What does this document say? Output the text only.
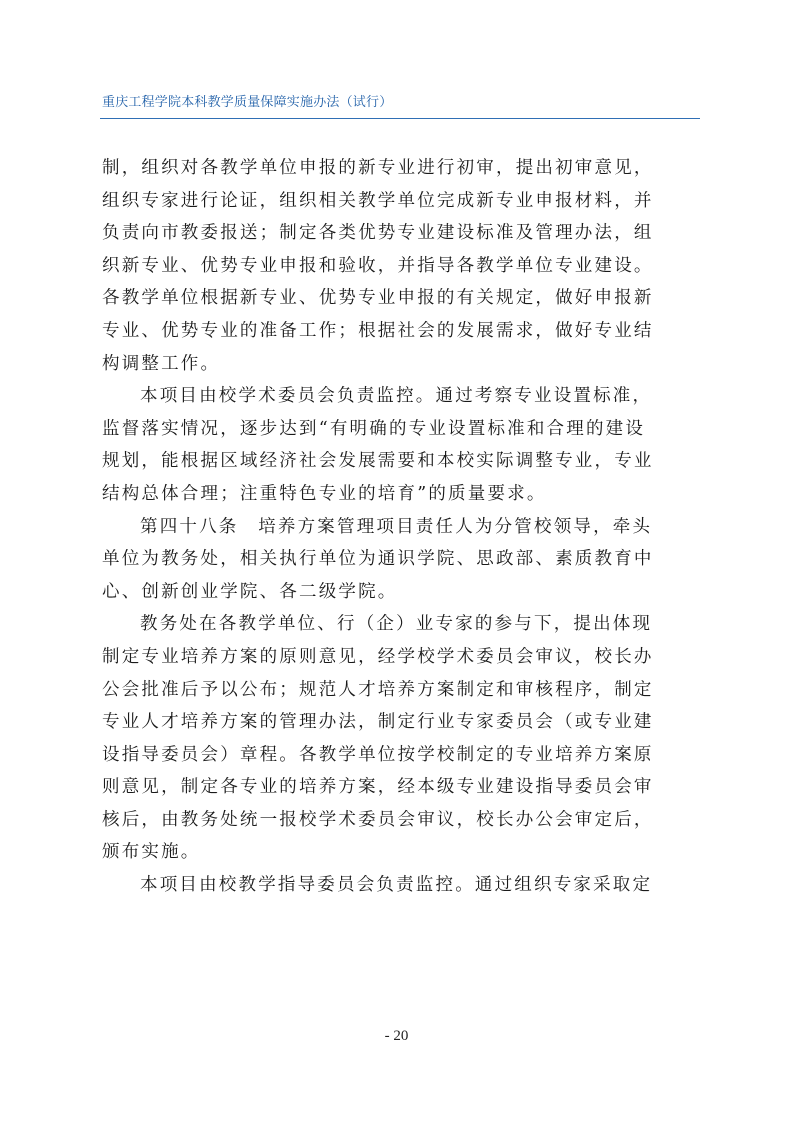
重庆工程学院本科教学质量保障实施办法（试行）
制，组织对各教学单位申报的新专业进行初审，提出初审意见，
组织专家进行论证，组织相关教学单位完成新专业申报材料，并
负责向市教委报送；制定各类优势专业建设标准及管理办法，组
织新专业、优势专业申报和验收，并指导各教学单位专业建设。
各教学单位根据新专业、优势专业申报的有关规定，做好申报新
专业、优势专业的准备工作；根据社会的发展需求，做好专业结
构调整工作。
本项目由校学术委员会负责监控。通过考察专业设置标准，
监督落实情况，逐步达到“有明确的专业设置标准和合理的建设
规划，能根据区域经济社会发展需要和本校实际调整专业，专业
结构总体合理；注重特色专业的培育”的质量要求。
第四十八条　培养方案管理项目责任人为分管校领导，牵头
单位为教务处，相关执行单位为通识学院、思政部、素质教育中
心、创新创业学院、各二级学院。
教务处在各教学单位、行（企）业专家的参与下，提出体现
制定专业培养方案的原则意见，经学校学术委员会审议，校长办
公会批准后予以公布；规范人才培养方案制定和审核程序，制定
专业人才培养方案的管理办法，制定行业专家委员会（或专业建
设指导委员会）章程。各教学单位按学校制定的专业培养方案原
则意见，制定各专业的培养方案，经本级专业建设指导委员会审
核后，由教务处统一报校学术委员会审议，校长办公会审定后，
颁布实施。
本项目由校教学指导委员会负责监控。通过组织专家采取定
- 20
